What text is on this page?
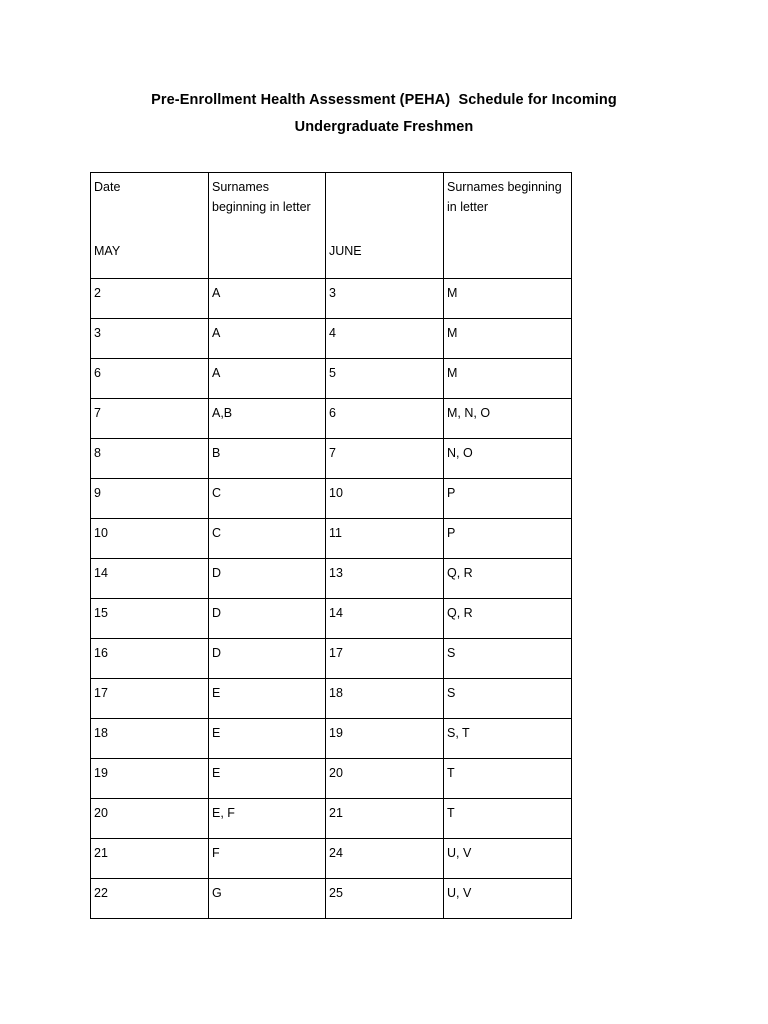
Pre-Enrollment Health Assessment (PEHA)  Schedule for Incoming
Undergraduate Freshmen
Date
MAY	Surnames beginning in letter	JUNE	Surnames beginning in letter

2	A	3	M
3	A	4	M
6	A	5	M
7	A,B	6	M, N, O
8	B	7	N, O
9	C	10	P
10	C	11	P
14	D	13	Q, R
15	D	14	Q, R
16	D	17	S
17	E	18	S
18	E	19	S, T
19	E	20	T
20	E, F	21	T
21	F	24	U, V
22	G	25	U, V
